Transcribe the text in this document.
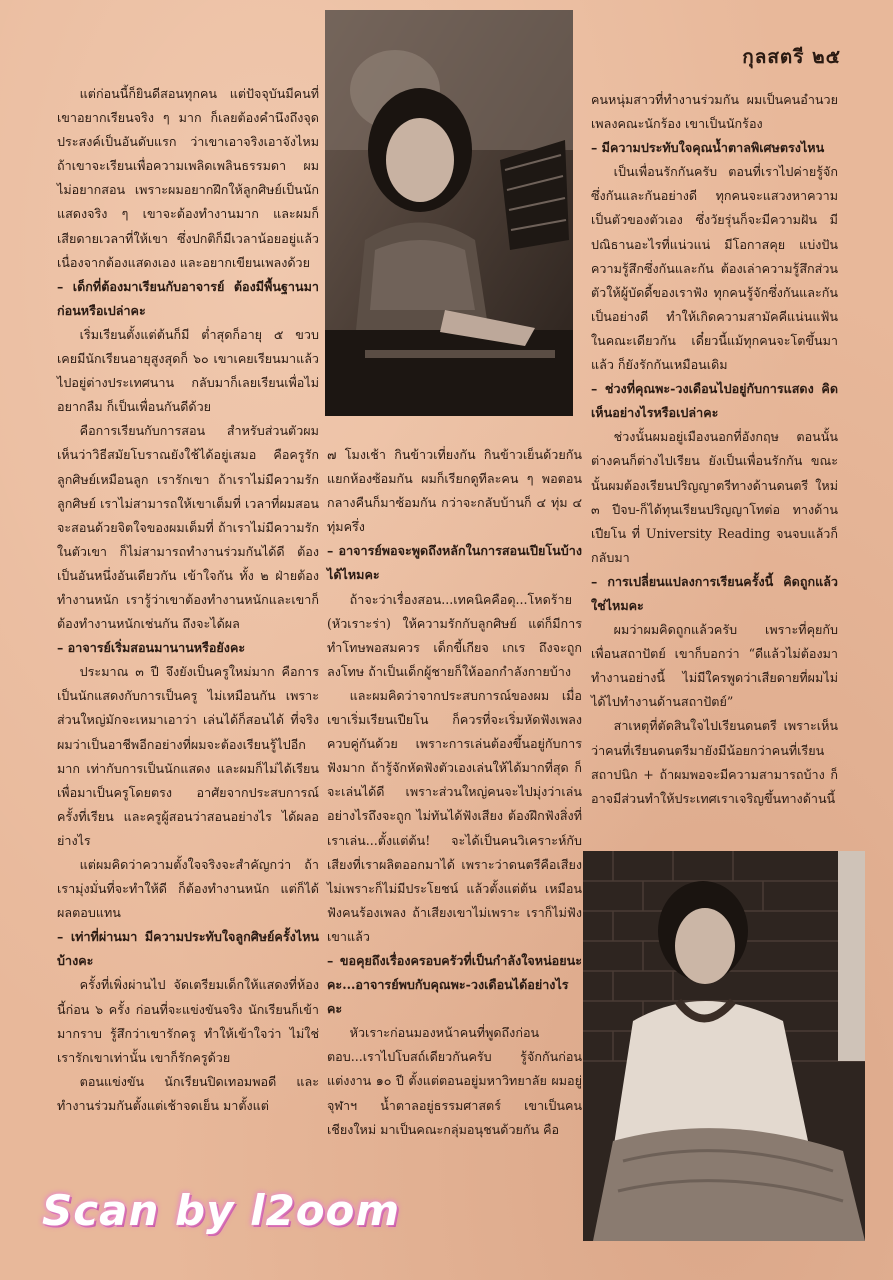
กุลสตรี ๒๕

แต่ก่อนนี้ก็ยินดีสอนทุกคน แต่ปัจจุบันมีคนที่เขาอยากเรียนจริง ๆ มาก ก็เลยต้องคำนึงถึงจุดประสงค์เป็นอันดับแรก ว่าเขาเอาจริงเอาจังไหม ถ้าเขาจะเรียนเพื่อความเพลิดเพลินธรรมดา ผมไม่อยากสอน เพราะผมอยากฝึกให้ลูกศิษย์เป็นนักแสดงจริง ๆ เขาจะต้องทำงานมาก และผมก็เสียดายเวลาที่ให้เขา ซึ่งปกติก็มีเวลาน้อยอยู่แล้ว เนื่องจากต้องแสดงเอง และอยากเขียนเพลงด้วย

– เด็กที่ต้องมาเรียนกับอาจารย์ ต้องมีพื้นฐานมาก่อนหรือเปล่าคะ

เริ่มเรียนตั้งแต่ต้นก็มี ต่ำสุดก็อายุ ๕ ขวบ เคยมีนักเรียนอายุสูงสุดก็ ๖๐ เขาเคยเรียนมาแล้ว ไปอยู่ต่างประเทศนาน กลับมาก็เลยเรียนเพื่อไม่อยากลืม ก็เป็นเพื่อนกันดีด้วย

คือการเรียนกับการสอน สำหรับส่วนตัวผม เห็นว่าวิธีสมัยโบราณยังใช้ได้อยู่เสมอ คือครูรักลูกศิษย์เหมือนลูก เรารักเขา ถ้าเราไม่มีความรักลูกศิษย์ เราไม่สามารถให้เขาเต็มที่ เวลาที่ผมสอน จะสอนด้วยจิตใจของผมเต็มที่ ถ้าเราไม่มีความรักในตัวเขา ก็ไม่สามารถทำงานร่วมกันได้ดี ต้องเป็นอันหนึ่งอันเดียวกัน เข้าใจกัน ทั้ง ๒ ฝ่ายต้องทำงานหนัก เรารู้ว่าเขาต้องทำงานหนักและเขาก็ต้องทำงานหนักเช่นกัน ถึงจะได้ผล

– อาจารย์เริ่มสอนมานานหรือยังคะ

ประมาณ ๓ ปี จึงยังเป็นครูใหม่มาก คือการเป็นนักแสดงกับการเป็นครู ไม่เหมือนกัน เพราะส่วนใหญ่มักจะเหมาเอาว่า เล่นได้ก็สอนได้ ที่จริงผมว่าเป็นอาชีพอีกอย่างที่ผมจะต้องเรียนรู้ไปอีกมาก เท่ากับการเป็นนักแสดง และผมก็ไม่ได้เรียนเพื่อมาเป็นครูโดยตรง อาศัยจากประสบการณ์ครั้งที่เรียน และครูผู้สอนว่าสอนอย่างไร ได้ผลอย่างไร

แต่ผมคิดว่าความตั้งใจจริงจะสำคัญกว่า ถ้าเรามุ่งมั่นที่จะทำให้ดี ก็ต้องทำงานหนัก แต่ก็ได้ผลตอบแทน

– เท่าที่ผ่านมา มีความประทับใจลูกศิษย์ครั้งไหนบ้างคะ

ครั้งที่เพิ่งผ่านไป จัดเตรียมเด็กให้แสดงที่ห้องนี้ก่อน ๖ ครั้ง ก่อนที่จะแข่งขันจริง นักเรียนก็เข้ามากราบ รู้สึกว่าเขารักครู ทำให้เข้าใจว่า ไม่ใช่เรารักเขาเท่านั้น เขาก็รักครูด้วย

ตอนแข่งขัน นักเรียนปิดเทอมพอดี และทำงานร่วมกันตั้งแต่เช้าจดเย็น มาตั้งแต่

๗ โมงเช้า กินข้าวเที่ยงกัน กินข้าวเย็นด้วยกัน แยกห้องซ้อมกัน ผมก็เรียกดูทีละคน ๆ พอตอนกลางคืนก็มาซ้อมกัน กว่าจะกลับบ้านก็ ๔ ทุ่ม ๔ ทุ่มครึ่ง

– อาจารย์พอจะพูดถึงหลักในการสอนเปียโนบ้างได้ไหมคะ

ถ้าจะว่าเรื่องสอน...เทคนิคคือดุ...โหดร้าย (หัวเราะร่า) ให้ความรักกับลูกศิษย์ แต่ก็มีการทำโทษพอสมควร เด็กขี้เกียจ เกเร ถึงจะถูกลงโทษ ถ้าเป็นเด็กผู้ชายก็ให้ออกกำลังกายบ้าง

และผมคิดว่าจากประสบการณ์ของผม เมื่อเขาเริ่มเรียนเปียโน ก็ควรที่จะเริ่มหัดฟังเพลงควบคู่กันด้วย เพราะการเล่นต้องขึ้นอยู่กับการฟังมาก ถ้ารู้จักหัดฟังตัวเองเล่นให้ได้มากที่สุด ก็จะเล่นได้ดี เพราะส่วนใหญ่คนจะไปมุ่งว่าเล่นอย่างไรถึงจะถูก ไม่ทันได้ฟังเสียง ต้องฝึกฟังสิ่งที่เราเล่น...ตั้งแต่ต้น! จะได้เป็นคนวิเคราะห์กับเสียงที่เราผลิตออกมาได้ เพราะว่าดนตรีคือเสียง ไม่เพราะก็ไม่มีประโยชน์ แล้วตั้งแต่ต้น เหมือนฟังคนร้องเพลง ถ้าเสียงเขาไม่เพราะ เราก็ไม่ฟังเขาแล้ว

– ขอคุยถึงเรื่องครอบครัวที่เป็นกำลังใจหน่อยนะคะ...อาจารย์พบกับคุณพะ-วงเดือนได้อย่างไรคะ

หัวเราะก่อนมองหน้าคนที่พูดถึงก่อนตอบ...เราไปโบสถ์เดียวกันครับ รู้จักกันก่อนแต่งงาน ๑๐ ปี ตั้งแต่ตอนอยู่มหาวิทยาลัย ผมอยู่จุฬาฯ น้ำตาลอยู่ธรรมศาสตร์ เขาเป็นคนเชียงใหม่ มาเป็นคณะกลุ่มอนุชนด้วยกัน คือ

คนหนุ่มสาวที่ทำงานร่วมกัน ผมเป็นคนอำนวยเพลงคณะนักร้อง เขาเป็นนักร้อง

– มีความประทับใจคุณน้ำตาลพิเศษตรงไหน

เป็นเพื่อนรักกันครับ ตอนที่เราไปค่ายรู้จักซึ่งกันและกันอย่างดี ทุกคนจะแสวงหาความเป็นตัวของตัวเอง ซึ่งวัยรุ่นก็จะมีความฝัน มีปณิธานอะไรที่แน่วแน่ มีโอกาสคุย แบ่งปันความรู้สึกซึ่งกันและกัน ต้องเล่าความรู้สึกส่วนตัวให้ผู้บัดดี้ของเราฟัง ทุกคนรู้จักซึ่งกันและกันเป็นอย่างดี ทำให้เกิดความสามัคคีแน่นแฟ้นในคณะเดียวกัน เดี๋ยวนี้แม้ทุกคนจะโตขึ้นมาแล้ว ก็ยังรักกันเหมือนเดิม

– ช่วงที่คุณพะ-วงเดือนไปอยู่กับการแสดง คิดเห็นอย่างไรหรือเปล่าคะ

ช่วงนั้นผมอยู่เมืองนอกที่อังกฤษ ตอนนั้นต่างคนก็ต่างไปเรียน ยังเป็นเพื่อนรักกัน ขณะนั้นผมต้องเรียนปริญญาตรีทางด้านดนตรี ใหม่ ๓ ปีจบ-ก็ได้ทุนเรียนปริญญาโทต่อ ทางด้านเปียโน ที่ University Reading จนจบแล้วก็กลับมา

– การเปลี่ยนแปลงการเรียนครั้งนี้ คิดถูกแล้วใช่ไหมคะ

ผมว่าผมคิดถูกแล้วครับ เพราะที่คุยกับเพื่อนสถาปัตย์ เขาก็บอกว่า “ดีแล้วไม่ต้องมาทำงานอย่างนี้ ไม่มีใครพูดว่าเสียดายที่ผมไม่ได้ไปทำงานด้านสถาปัตย์”

สาเหตุที่ตัดสินใจไปเรียนดนตรี เพราะเห็นว่าคนที่เรียนดนตรีมายังมีน้อยกว่าคนที่เรียนสถาปนิก + ถ้าผมพอจะมีความสามารถบ้าง ก็อาจมีส่วนทำให้ประเทศเราเจริญขึ้นทางด้านนี้

Scan by l2oom
